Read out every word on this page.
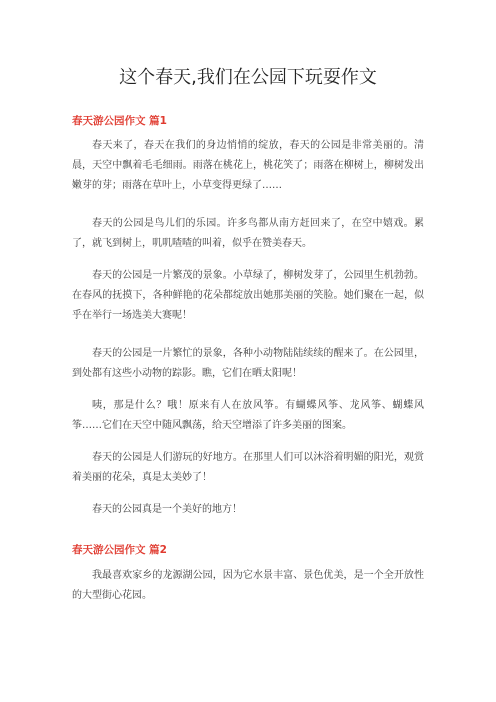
这个春天,我们在公园下玩耍作文
春天游公园作文 篇1

春天来了，春天在我们的身边悄悄的绽放，春天的公园是非常美丽的。清晨，天空中飘着毛毛细雨。雨落在桃花上，桃花笑了；雨落在柳树上，柳树发出嫩芽的芽；雨落在草叶上，小草变得更绿了……

春天的公园是鸟儿们的乐园。许多鸟都从南方赶回来了，在空中嬉戏。累了，就飞到树上，叽叽喳喳的叫着，似乎在赞美春天。

春天的公园是一片繁茂的景象。小草绿了，柳树发芽了，公园里生机勃勃。在春风的抚摸下，各种鲜艳的花朵都绽放出她那美丽的笑脸。她们聚在一起，似乎在举行一场选美大赛呢！

春天的公园是一片繁忙的景象，各种小动物陆陆续续的醒来了。在公园里，到处都有这些小动物的踪影。瞧，它们在晒太阳呢！

咦，那是什么？哦！原来有人在放风筝。有蝴蝶风筝、龙风筝、蝴蝶风筝……它们在天空中随风飘荡，给天空增添了许多美丽的图案。

春天的公园是人们游玩的好地方。在那里人们可以沐浴着明媚的阳光，观赏着美丽的花朵，真是太美妙了！

春天的公园真是一个美好的地方！

春天游公园作文 篇2

我最喜欢家乡的龙源湖公园，因为它水景丰富、景色优美，是一个全开放性的大型街心花园。
